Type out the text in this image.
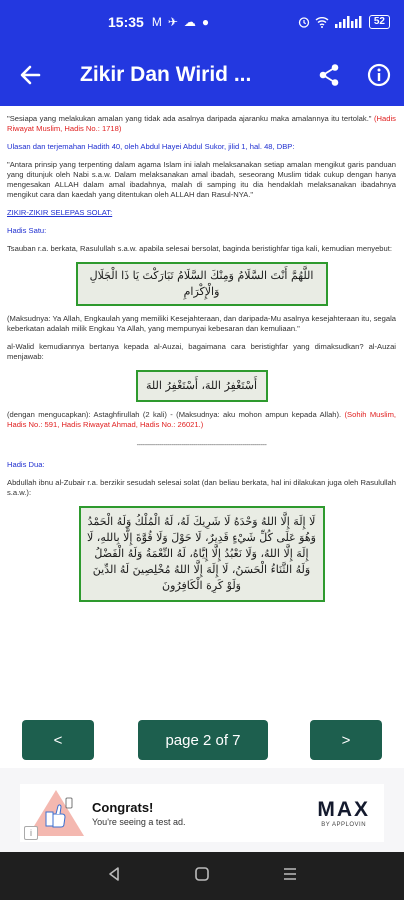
15:35 M ✈ ☁ ●	52
Zikir Dan Wirid ...

"Sesiapa yang melakukan amalan yang tidak ada asalnya daripada ajaranku maka amalannya itu tertolak." (Hadis Riwayat Muslim, Hadis No.: 1718)

Ulasan dan terjemahan Hadith 40, oleh Abdul Hayei Abdul Sukor, jilid 1, hal. 48, DBP:

"Antara prinsip yang terpenting dalam agama Islam ini ialah melaksanakan setiap amalan mengikut garis panduan yang ditunjuk oleh Nabi s.a.w. Dalam melaksanakan amal ibadah, seseorang Muslim tidak cukup dengan hanya mengesakan ALLAH dalam amal ibadahnya, malah di samping itu dia hendaklah melaksanakan ibadahnya mengikut cara dan kaedah yang ditentukan oleh ALLAH dan Rasul-NYA."

ZIKIR-ZIKIR SELEPAS SOLAT:

Hadis Satu:

Tsauban r.a. berkata, Rasulullah s.a.w. apabila selesai bersolat, baginda beristighfar tiga kali, kemudian menyebut:

اللَّهُمَّ أَنْتَ السَّلَامُ وَمِنْكَ السَّلَامُ تَبَارَكْتَ يَا ذَا الْجَلَالِ وَالْإِكْرَامِ

(Maksudnya: Ya Allah, Engkaulah yang memiliki Kesejahteraan, dan daripada-Mu asalnya kesejahteraan itu, segala keberkatan adalah milik Engkau Ya Allah, yang mempunyai kebesaran dan kemuliaan."

al-Walid kemudiannya bertanya kepada al-Auzai, bagaimana cara beristighfar yang dimaksudkan? al-Auzai menjawab:

أَسْتَغْفِرُ اللهَ، أَسْتَغْفِرُ اللهَ

(dengan mengucapkan): Astaghfirullah (2 kali) - (Maksudnya: aku mohon ampun kepada Allah). (Sohih Muslim, Hadis No.: 591, Hadis Riwayat Ahmad, Hadis No.: 26021.)

----------------------------------------------------------------

Hadis Dua:

Abdullah ibnu al-Zubair r.a. berzikir sesudah selesai solat (dan beliau berkata, hal ini dilakukan juga oleh Rasulullah s.a.w.):

لَا إِلَهَ إِلَّا اللهُ وَحْدَهُ لَا شَرِيكَ لَهُ، لَهُ الْمُلْكُ وَلَهُ الْحَمْدُ وَهُوَ عَلَى كُلِّ شَيْءٍ قَدِيرٌ، لَا حَوْلَ وَلَا قُوَّةَ إِلَّا بِاللهِ، لَا إِلَهَ إِلَّا اللهُ، وَلَا نَعْبُدُ إِلَّا إِيَّاهُ، لَهُ النِّعْمَةُ وَلَهُ الْفَضْلُ وَلَهُ الثَّنَاءُ الْحَسَنُ، لَا إِلَهَ إِلَّا اللهُ مُخْلِصِينَ لَهُ الدِّينَ وَلَوْ كَرِهَ الْكَافِرُونَ
<	page 2 of 7	>
Congrats!
You're seeing a test ad.
MAX
BY APPLOVIN
i
